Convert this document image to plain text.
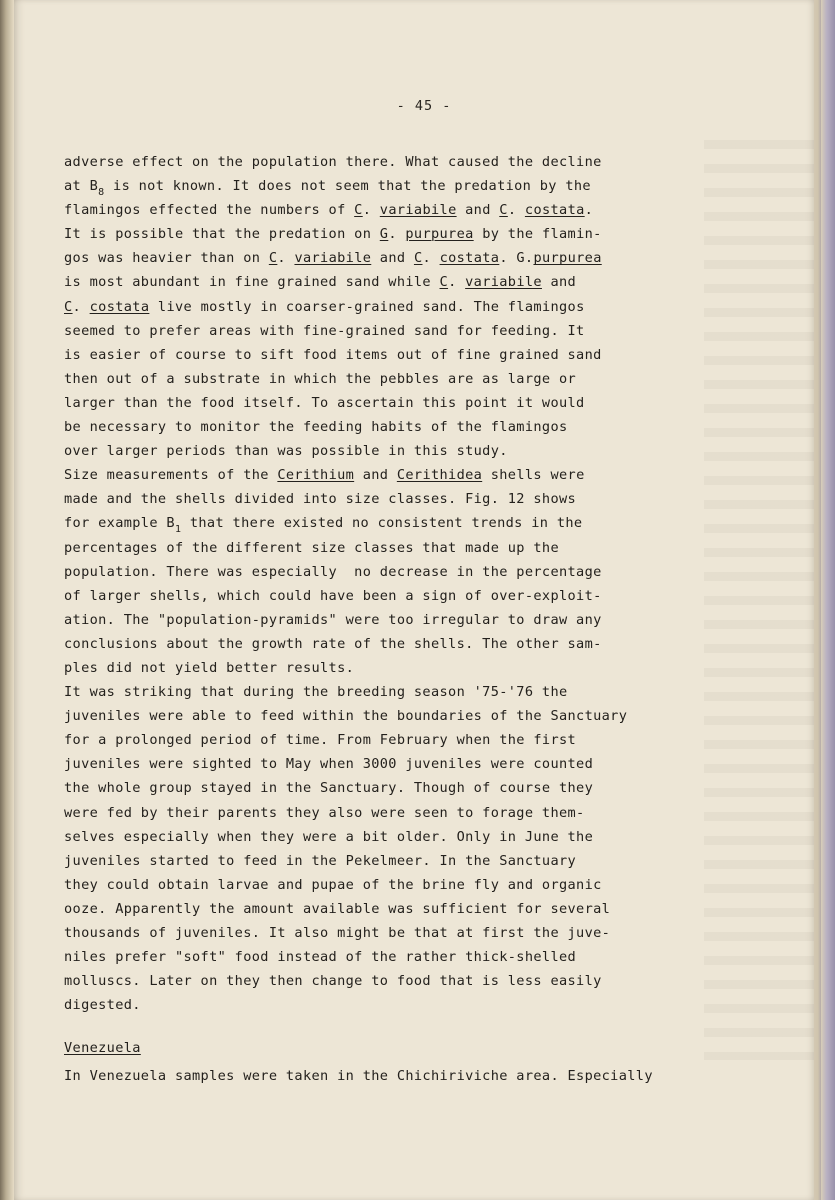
- 45 -
adverse effect on the population there. What caused the decline
at $B_8$ is not known. It does not seem that the predation by the
flamingos effected the numbers of C. variabile and C. costata.
It is possible that the predation on G. purpurea by the flamin-
gos was heavier than on C. variabile and C. costata. G.purpurea
is most abundant in fine grained sand while C. variabile and
C. costata live mostly in coarser-grained sand. The flamingos
seemed to prefer areas with fine-grained sand for feeding. It
is easier of course to sift food items out of fine grained sand
then out of a substrate in which the pebbles are as large or
larger than the food itself. To ascertain this point it would
be necessary to monitor the feeding habits of the flamingos
over larger periods than was possible in this study.
Size measurements of the Cerithium and Cerithidea shells were
made and the shells divided into size classes. Fig. 12 shows
for example $B_1$ that there existed no consistent trends in the
percentages of the different size classes that made up the
population. There was especially  no decrease in the percentage
of larger shells, which could have been a sign of over-exploit-
ation. The "population-pyramids" were too irregular to draw any
conclusions about the growth rate of the shells. The other sam-
ples did not yield better results.
It was striking that during the breeding season '75-'76 the
juveniles were able to feed within the boundaries of the Sanctuary
for a prolonged period of time. From February when the first
juveniles were sighted to May when 3000 juveniles were counted
the whole group stayed in the Sanctuary. Though of course they
were fed by their parents they also were seen to forage them-
selves especially when they were a bit older. Only in June the
juveniles started to feed in the Pekelmeer. In the Sanctuary
they could obtain larvae and pupae of the brine fly and organic
ooze. Apparently the amount available was sufficient for several
thousands of juveniles. It also might be that at first the juve-
niles prefer "soft" food instead of the rather thick-shelled
molluscs. Later on they then change to food that is less easily
digested.
Venezuela
In Venezuela samples were taken in the Chichiriviche area. Especially
